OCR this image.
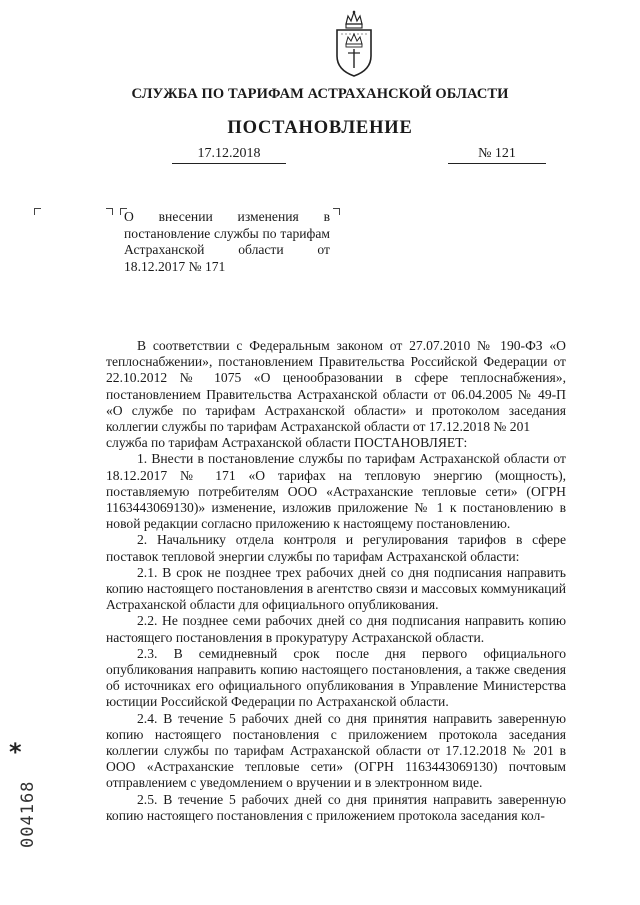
СЛУЖБА ПО ТАРИФАМ АСТРАХАНСКОЙ ОБЛАСТИ
ПОСТАНОВЛЕНИЕ
17.12.2018	№ 121
О внесении изменения в постановление службы по тарифам Астраханской области от 18.12.2017 № 171

В соответствии с Федеральным законом от 27.07.2010 № 190-ФЗ «О теплоснабжении», постановлением Правительства Российской Федерации от 22.10.2012 № 1075 «О ценообразовании в сфере теплоснабжения», постановлением Правительства Астраханской области от 06.04.2005 № 49-П «О службе по тарифам Астраханской области» и протоколом заседания коллегии службы по тарифам Астраханской области от 17.12.2018 № 201

служба по тарифам Астраханской области ПОСТАНОВЛЯЕТ:

1. Внести в постановление службы по тарифам Астраханской области от 18.12.2017 № 171 «О тарифах на тепловую энергию (мощность), поставляемую потребителям ООО «Астраханские тепловые сети» (ОГРН 1163443069130)» изменение, изложив приложение № 1 к постановлению в новой редакции согласно приложению к настоящему постановлению.

2. Начальнику отдела контроля и регулирования тарифов в сфере поставок тепловой энергии службы по тарифам Астраханской области:

2.1. В срок не позднее трех рабочих дней со дня подписания направить копию настоящего постановления в агентство связи и массовых коммуникаций Астраханской области для официального опубликования.

2.2. Не позднее семи рабочих дней со дня подписания направить копию настоящего постановления в прокуратуру Астраханской области.

2.3. В семидневный срок после дня первого официального опубликования направить копию настоящего постановления, а также сведения об источниках его официального опубликования в Управление Министерства юстиции Российской Федерации по Астраханской области.

2.4. В течение 5 рабочих дней со дня принятия направить заверенную копию настоящего постановления с приложением протокола заседания коллегии службы по тарифам Астраханской области от 17.12.2018 № 201 в ООО «Астраханские тепловые сети» (ОГРН 1163443069130) почтовым отправлением с уведомлением о вручении и в электронном виде.

2.5. В течение 5 рабочих дней со дня принятия направить заверенную копию настоящего постановления с приложением протокола заседания кол-

*
004168
